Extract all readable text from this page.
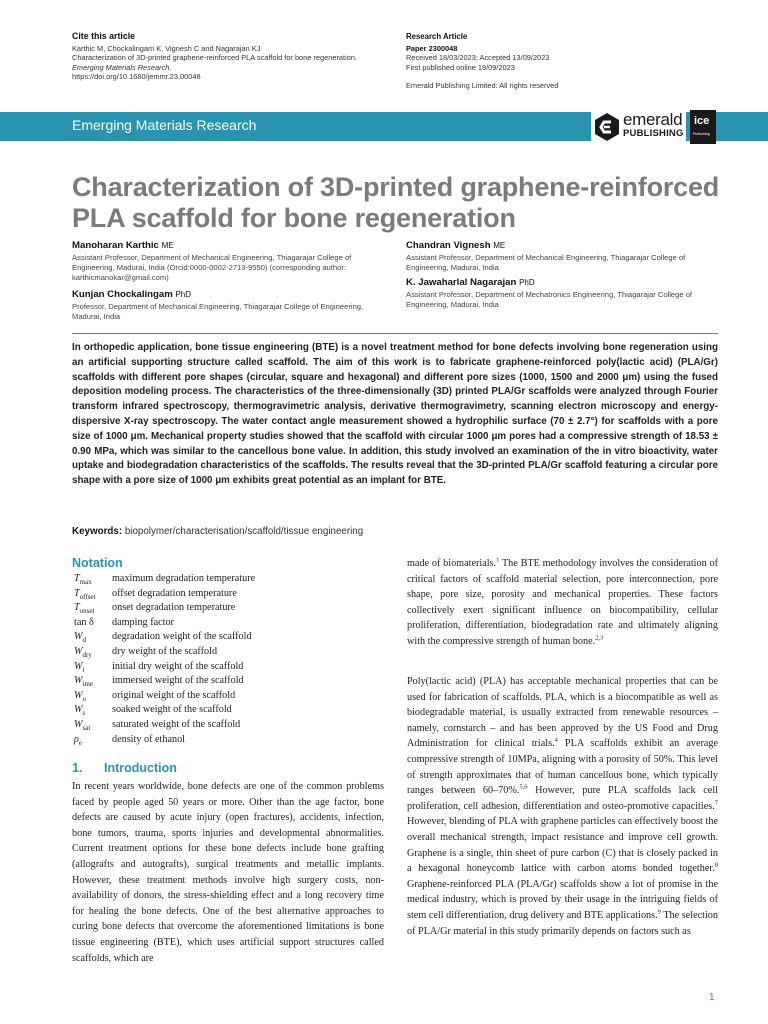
Cite this article
Karthic M, Chockalingam K, Vignesh C and Nagarajan KJ
Characterization of 3D-printed graphene-reinforced PLA scaffold for bone regeneration.
Emerging Materials Research,
https://doi.org/10.1680/jemmr.23.00048
Research Article
Paper 2300048
Received 18/03/2023; Accepted 13/09/2023
First published online 19/09/2023
Emerald Publishing Limited: All rights reserved
Emerging Materials Research	emerald
PUBLISHING
ice
Publishing
Characterization of 3D-printed graphene-reinforced PLA scaffold for bone regeneration
Manoharan Karthic ME
Assistant Professor, Department of Mechanical Engineering, Thiagarajar College of Engineering, Madurai, India (Orcid:0000-0002-2713-9550) (corresponding author: karthicmanokar@gmail.com)
Kunjan Chockalingam PhD
Professor, Department of Mechanical Engineering, Thiagarajar College of Engineering, Madurai, India
Chandran Vignesh ME
Assistant Professor, Department of Mechanical Engineering, Thiagarajar College of Engineering, Madurai, India
K. Jawaharlal Nagarajan PhD
Assistant Professor, Department of Mechatronics Engineering, Thiagarajar College of Engineering, Madurai, India

In orthopedic application, bone tissue engineering (BTE) is a novel treatment method for bone defects involving bone regeneration using an artificial supporting structure called scaffold. The aim of this work is to fabricate graphene-reinforced poly(lactic acid) (PLA/Gr) scaffolds with different pore shapes (circular, square and hexagonal) and different pore sizes (1000, 1500 and 2000 μm) using the fused deposition modeling process. The characteristics of the three-dimensionally (3D) printed PLA/Gr scaffolds were analyzed through Fourier transform infrared spectroscopy, thermogravimetric analysis, derivative thermogravimetry, scanning electron microscopy and energy-dispersive X-ray spectroscopy. The water contact angle measurement showed a hydrophilic surface (70 ± 2.7°) for scaffolds with a pore size of 1000 μm. Mechanical property studies showed that the scaffold with circular 1000 μm pores had a compressive strength of 18.53 ± 0.90 MPa, which was similar to the cancellous bone value. In addition, this study involved an examination of the in vitro bioactivity, water uptake and biodegradation characteristics of the scaffolds. The results reveal that the 3D-printed PLA/Gr scaffold featuring a circular pore shape with a pore size of 1000 μm exhibits great potential as an implant for BTE.

Keywords: biopolymer/characterisation/scaffold/tissue engineering
Notation
$T_{max}$ maximum degradation temperature
$T_{offset}$ offset degradation temperature
$T_{onset}$ onset degradation temperature
tan δ damping factor
$W_d$	degradation weight of the scaffold
$W_{dry}$ dry weight of the scaffold
$W_i$	initial dry weight of the scaffold
$W_{ime}$ immersed weight of the scaffold
$W_o$	original weight of the scaffold
$W_s$	soaked weight of the scaffold
$W_{sat}$ saturated weight of the scaffold
$\rho_e$	density of ethanol
1. Introduction

In recent years worldwide, bone defects are one of the common problems faced by people aged 50 years or more. Other than the age factor, bone defects are caused by acute injury (open fractures), accidents, infection, bone tumors, trauma, sports injuries and developmental abnormalities. Current treatment options for these bone defects include bone grafting (allografts and autografts), surgical treatments and metallic implants. However, these treatment methods involve high surgery costs, non-availability of donors, the stress-shielding effect and a long recovery time for healing the bone defects. One of the best alternative approaches to curing bone defects that overcome the aforementioned limitations is bone tissue engineering (BTE), which uses artificial support structures called scaffolds, which are

made of biomaterials.$^1$ The BTE methodology involves the consideration of critical factors of scaffold material selection, pore interconnection, pore shape, pore size, porosity and mechanical properties. These factors collectively exert significant influence on biocompatibility, cellular proliferation, differentiation, biodegradation rate and ultimately aligning with the compressive strength of human bone.$^{2,3}$

Poly(lactic acid) (PLA) has acceptable mechanical properties that can be used for fabrication of scaffolds. PLA, which is a biocompatible as well as biodegradable material, is usually extracted from renewable resources – namely, cornstarch – and has been approved by the US Food and Drug Administration for clinical trials.$^4$ PLA scaffolds exhibit an average compressive strength of 10MPa, aligning with a porosity of 50%. This level of strength approximates that of human cancellous bone, which typically ranges between 60–70%.$^{5,6}$ However, pure PLA scaffolds lack cell proliferation, cell adhesion, differentiation and osteo-promotive capacities.$^7$ However, blending of PLA with graphene particles can effectively boost the overall mechanical strength, impact resistance and improve cell growth. Graphene is a single, thin sheet of pure carbon (C) that is closely packed in a hexagonal honeycomb lattice with carbon atoms bonded together.$^8$ Graphene-reinforced PLA (PLA/Gr) scaffolds show a lot of promise in the medical industry, which is proved by their usage in the intriguing fields of stem cell differentiation, drug delivery and BTE applications.$^9$ The selection of PLA/Gr material in this study primarily depends on factors such as

1
